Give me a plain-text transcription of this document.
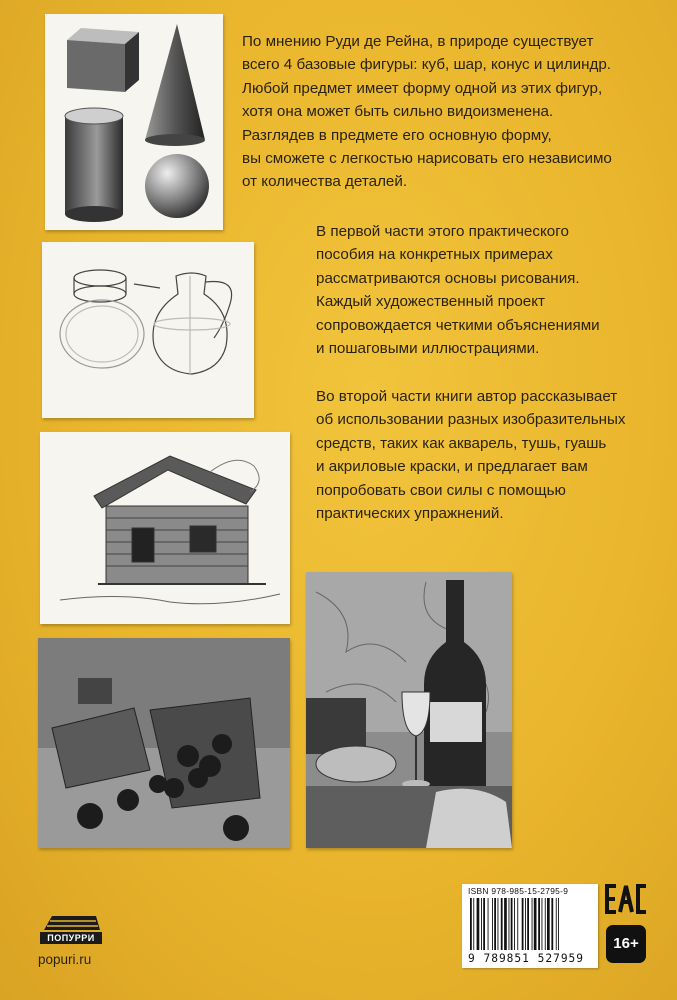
По мнению Руди де Рейна, в природе существует
всего 4 базовые фигуры: куб, шар, конус и цилиндр.
Любой предмет имеет форму одной из этих фигур,
хотя она может быть сильно видоизменена.
Разглядев в предмете его основную форму,
вы сможете с легкостью нарисовать его независимо
от количества деталей.
В первой части этого практического
пособия на конкретных примерах
рассматриваются основы рисования.
Каждый художественный проект
сопровождается четкими объяснениями
и пошаговыми иллюстрациями.
Во второй части книги автор рассказывает
об использовании разных изобразительных
средств, таких как акварель, тушь, гуашь
и акриловые краски, и предлагает вам
попробовать свои силы с помощью
практических упражнений.
ISBN 978-985-15-2795-9
9 789851 527959
16+
ПОПУРРИ
popuri.ru
